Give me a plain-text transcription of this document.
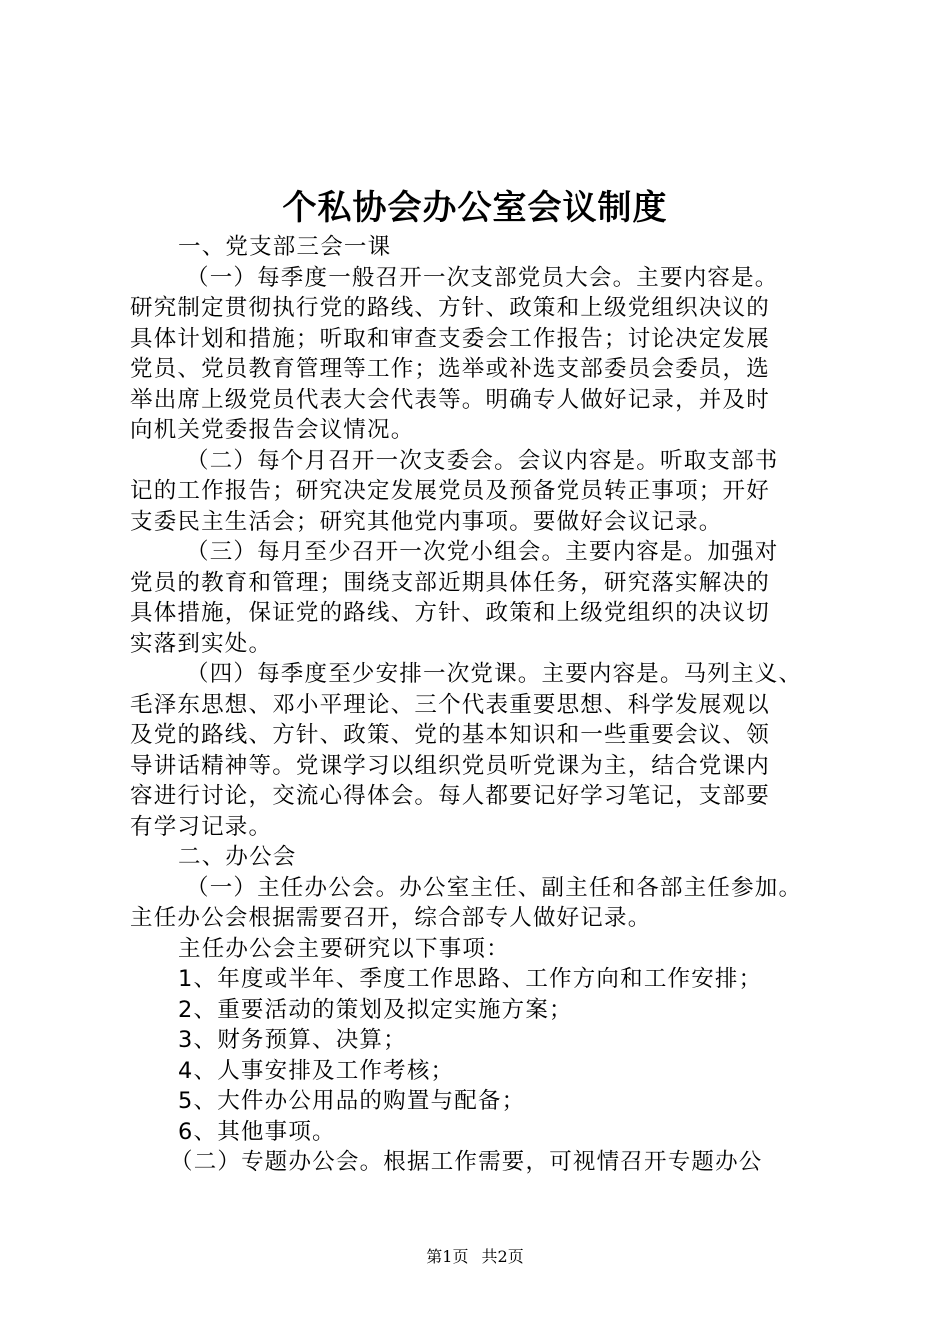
个私协会办公室会议制度
一、党支部三会一课
（一）每季度一般召开一次支部党员大会。主要内容是。
研究制定贯彻执行党的路线、方针、政策和上级党组织决议的
具体计划和措施；听取和审查支委会工作报告；讨论决定发展
党员、党员教育管理等工作；选举或补选支部委员会委员，选
举出席上级党员代表大会代表等。明确专人做好记录，并及时
向机关党委报告会议情况。
（二）每个月召开一次支委会。会议内容是。听取支部书
记的工作报告；研究决定发展党员及预备党员转正事项；开好
支委民主生活会；研究其他党内事项。要做好会议记录。
（三）每月至少召开一次党小组会。主要内容是。加强对
党员的教育和管理；围绕支部近期具体任务，研究落实解决的
具体措施，保证党的路线、方针、政策和上级党组织的决议切
实落到实处。
（四）每季度至少安排一次党课。主要内容是。马列主义、
毛泽东思想、邓小平理论、三个代表重要思想、科学发展观以
及党的路线、方针、政策、党的基本知识和一些重要会议、领
导讲话精神等。党课学习以组织党员听党课为主，结合党课内
容进行讨论，交流心得体会。每人都要记好学习笔记，支部要
有学习记录。
二、办公会
（一）主任办公会。办公室主任、副主任和各部主任参加。
主任办公会根据需要召开，综合部专人做好记录。
主任办公会主要研究以下事项：
1、年度或半年、季度工作思路、工作方向和工作安排；
2、重要活动的策划及拟定实施方案；
3、财务预算、决算；
4、人事安排及工作考核；
5、大件办公用品的购置与配备；
6、其他事项。
（二）专题办公会。根据工作需要，可视情召开专题办公
第1页 共2页
